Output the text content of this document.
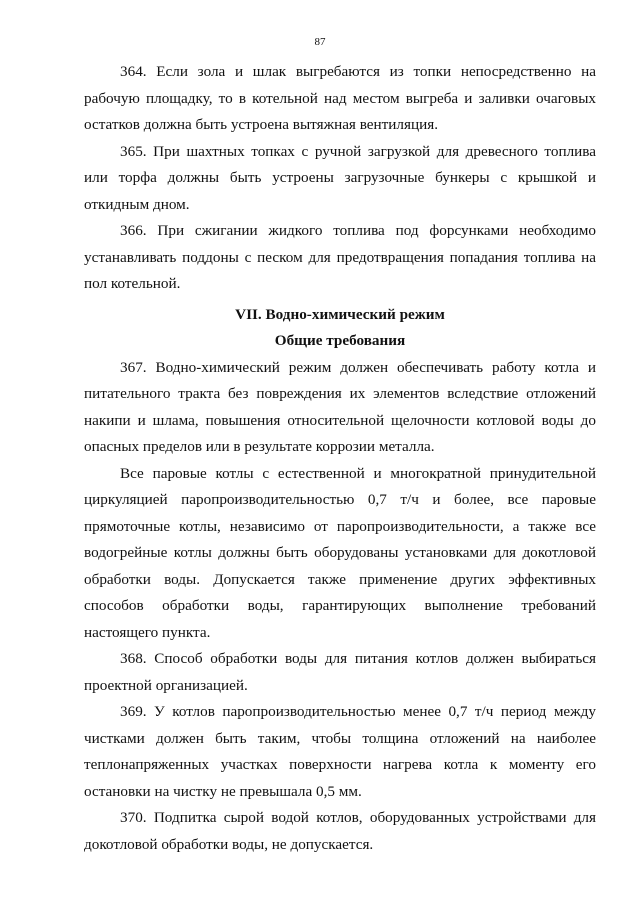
87

364. Если зола и шлак выгребаются из топки непосредственно на рабочую площадку, то в котельной над местом выгреба и заливки очаговых остатков должна быть устроена вытяжная вентиляция.

365. При шахтных топках с ручной загрузкой для древесного топлива или торфа должны быть устроены загрузочные бункеры с крышкой и откидным дном.

366. При сжигании жидкого топлива под форсунками необходимо устанавливать поддоны с песком для предотвращения попадания топлива на пол котельной.

VII. Водно-химический режим

Общие требования

367. Водно-химический режим должен обеспечивать работу котла и питательного тракта без повреждения их элементов вследствие отложений накипи и шлама, повышения относительной щелочности котловой воды до опасных пределов или в результате коррозии металла.

Все паровые котлы с естественной и многократной принудительной циркуляцией паропроизводительностью 0,7 т/ч и более, все паровые прямоточные котлы, независимо от паропроизводительности, а также все водогрейные котлы должны быть оборудованы установками для докотловой обработки воды. Допускается также применение других эффективных способов обработки воды, гарантирующих выполнение требований настоящего пункта.

368. Способ обработки воды для питания котлов должен выбираться проектной организацией.

369. У котлов паропроизводительностью менее 0,7 т/ч период между чистками должен быть таким, чтобы толщина отложений на наиболее теплонапряженных участках поверхности нагрева котла к моменту его остановки на чистку не превышала 0,5 мм.

370. Подпитка сырой водой котлов, оборудованных устройствами для докотловой обработки воды, не допускается.
